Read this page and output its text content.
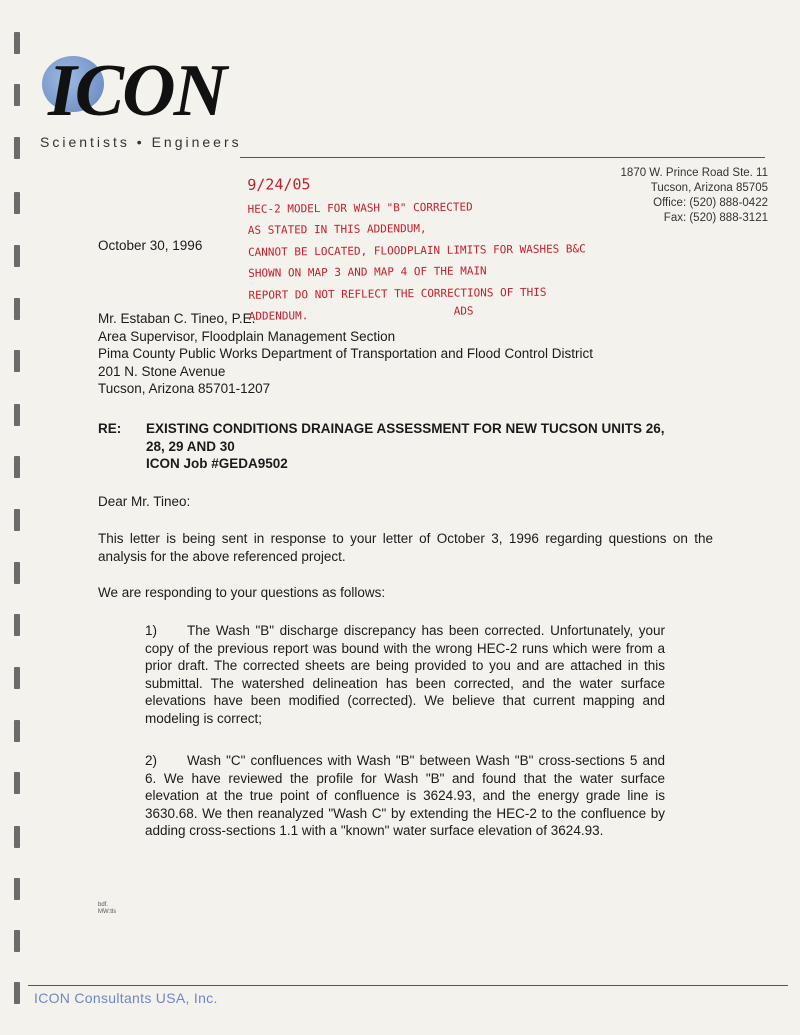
ICON
Scientists • Engineers
1870 W. Prince Road Ste. 11
Tucson, Arizona 85705
Office: (520) 888-0422
Fax: (520) 888-3121
9/24/05
HEC-2 MODEL FOR WASH "B" CORRECTED
AS STATED IN THIS ADDENDUM,
CANNOT BE LOCATED, FLOODPLAIN LIMITS FOR WASHES B&C
SHOWN ON MAP 3 AND MAP 4 OF THE MAIN
REPORT DO NOT REFLECT THE CORRECTIONS OF THIS
ADDENDUM.	ADS
October 30, 1996
Mr. Estaban C. Tineo, P.E.
Area Supervisor, Floodplain Management Section
Pima County Public Works Department of Transportation and Flood Control District
201 N. Stone Avenue
Tucson, Arizona 85701-1207
RE: EXISTING CONDITIONS DRAINAGE ASSESSMENT FOR NEW TUCSON UNITS 26,
28, 29 AND 30
ICON Job #GEDA9502
Dear Mr. Tineo:
This letter is being sent in response to your letter of October 3, 1996 regarding questions on the analysis for the above referenced project.
We are responding to your questions as follows:
1) The Wash "B" discharge discrepancy has been corrected. Unfortunately, your copy of the previous report was bound with the wrong HEC-2 runs which were from a prior draft. The corrected sheets are being provided to you and are attached in this submittal. The watershed delineation has been corrected, and the water surface elevations have been modified (corrected). We believe that current mapping and modeling is correct;
2) Wash "C" confluences with Wash "B" between Wash "B" cross-sections 5 and 6. We have reviewed the profile for Wash "B" and found that the water surface elevation at the true point of confluence is 3624.93, and the energy grade line is 3630.68. We then reanalyzed "Wash C" by extending the HEC-2 to the confluence by adding cross-sections 1.1 with a "known" water surface elevation of 3624.93.
bdf.
MW:tls
ICON Consultants USA, Inc.
